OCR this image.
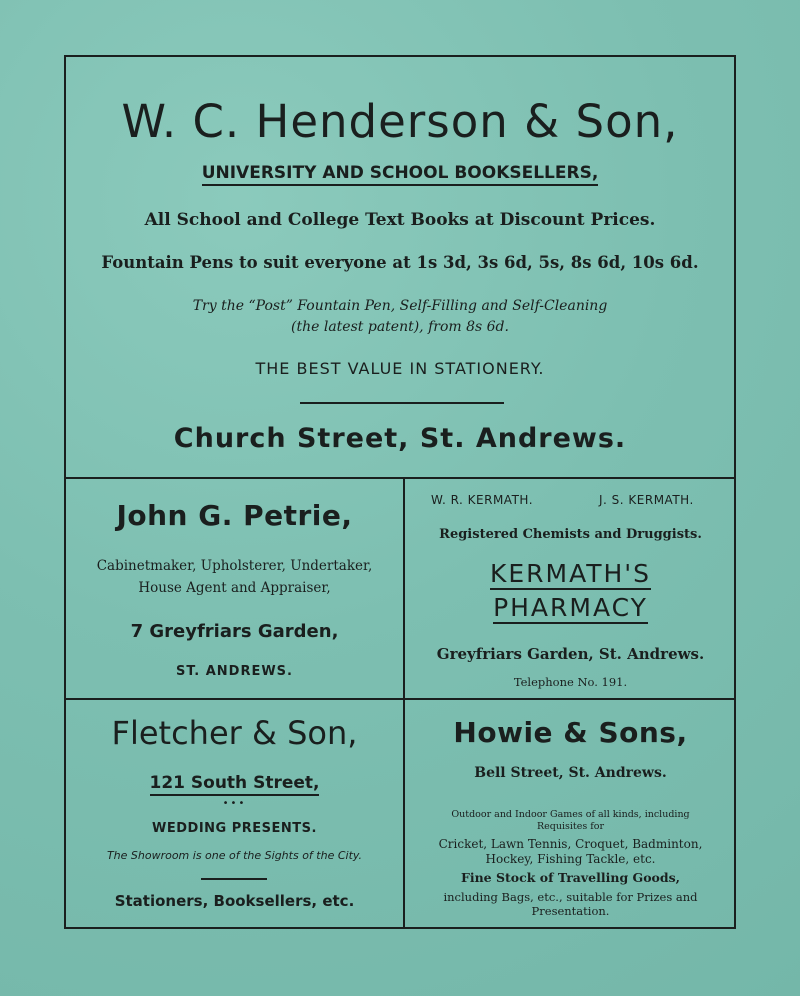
W. C. Henderson & Son,
UNIVERSITY AND SCHOOL BOOKSELLERS,
All School and College Text Books at Discount Prices.
Fountain Pens to suit everyone at 1s 3d, 3s 6d, 5s, 8s 6d, 10s 6d.
Try the “Post” Fountain Pen, Self-Filling and Self-Cleaning
(the latest patent), from 8s 6d.
THE BEST VALUE IN STATIONERY.
Church Street, St. Andrews.
John G. Petrie,
Cabinetmaker, Upholsterer, Undertaker,
House Agent and Appraiser,
7 Greyfriars Garden,
ST. ANDREWS.
W. R. KERMATH.	J. S. KERMATH.
Registered Chemists and Druggists.
KERMATH'S
PHARMACY
Greyfriars Garden, St. Andrews.
Telephone No. 191.
Fletcher & Son,
121 South Street,
•••
WEDDING PRESENTS.
The Showroom is one of the Sights of the City.
Stationers, Booksellers, etc.
Howie & Sons,
Bell Street, St. Andrews.
Outdoor and Indoor Games of all kinds, including
Requisites for
Cricket, Lawn Tennis, Croquet, Badminton,
Hockey, Fishing Tackle, etc.
Fine Stock of Travelling Goods,
including Bags, etc., suitable for Prizes and
Presentation.
